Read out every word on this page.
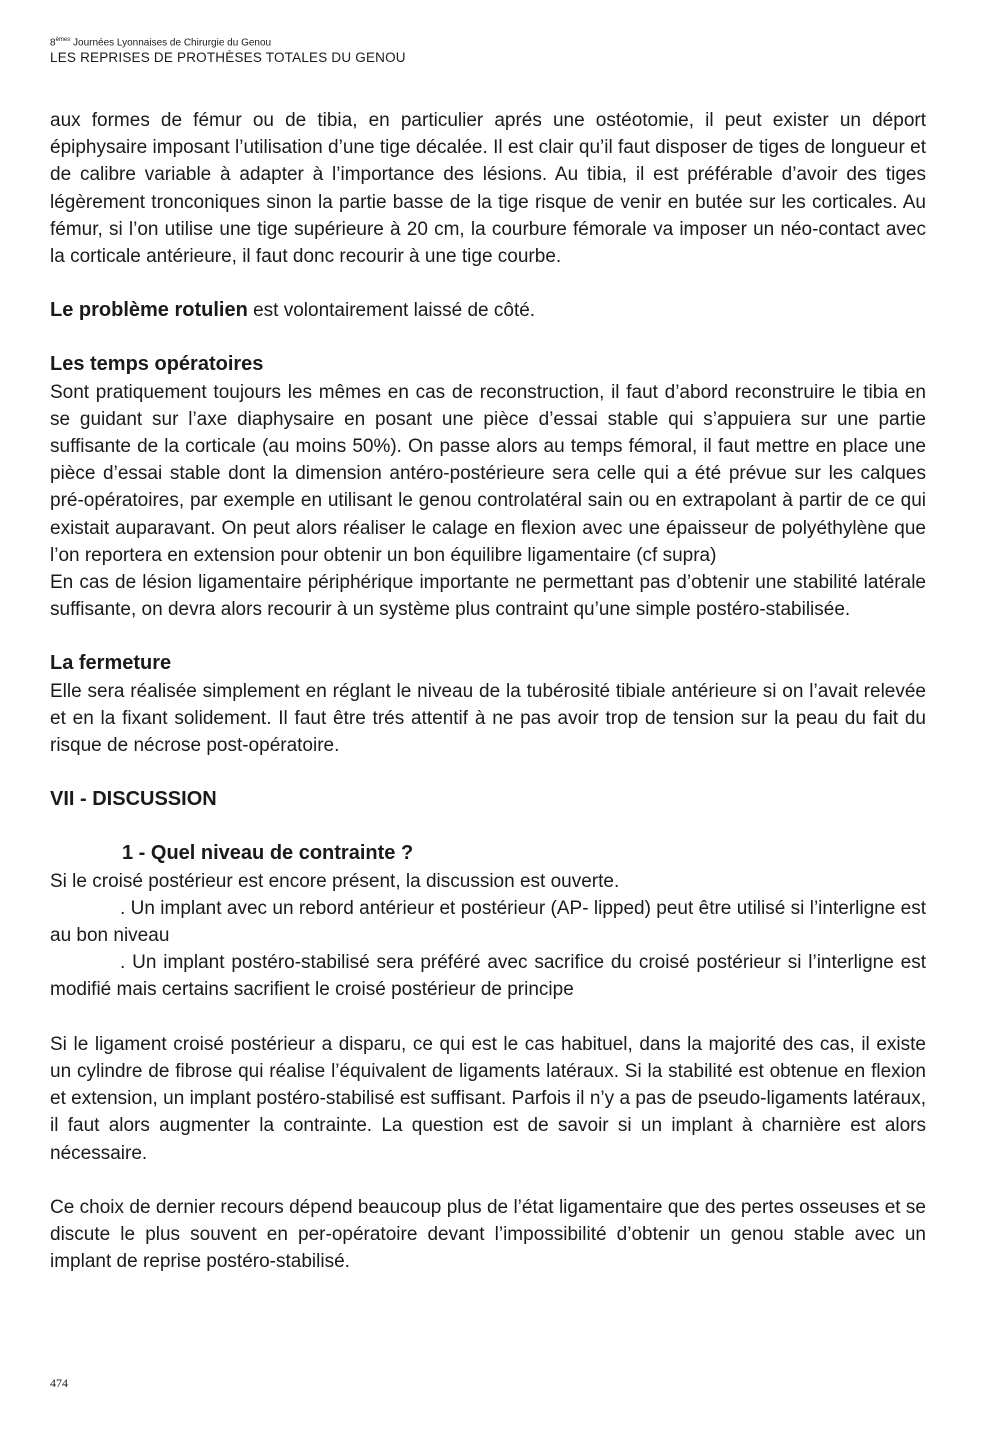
8èmes Journées Lyonnaises de Chirurgie du Genou
LES REPRISES DE PROTHÈSES TOTALES DU GENOU

aux formes de fémur ou de tibia, en particulier aprés une ostéotomie, il peut exister un déport épiphysaire imposant l’utilisation d’une tige décalée. Il est clair qu’il faut disposer de tiges de longueur et de calibre variable à adapter à l’importance des lésions. Au tibia, il est préférable d’avoir des tiges légèrement tronconiques sinon la partie basse de la tige risque de venir en butée sur les corticales. Au fémur, si l’on utilise une tige supérieure à 20 cm, la courbure fémorale va imposer un néo-contact avec la corticale antérieure, il faut donc recourir à une tige courbe.

Le problème rotulien est volontairement laissé de côté.

Les temps opératoires

Sont pratiquement toujours les mêmes en cas de reconstruction, il faut d’abord reconstruire le tibia en se guidant sur l’axe diaphysaire en posant une pièce d’essai stable qui s’appuiera sur une partie suffisante de la corticale (au moins 50%). On passe alors au temps fémoral, il faut mettre en place une pièce d’essai stable dont la dimension antéro-postérieure sera celle qui a été prévue sur les calques pré-opératoires, par exemple en utilisant le genou controlatéral sain ou en extrapolant à partir de ce qui existait auparavant. On peut alors réaliser le calage en flexion avec une épaisseur de polyéthylène que l’on reportera en extension pour obtenir un bon équilibre ligamentaire (cf supra)

En cas de lésion ligamentaire périphérique importante ne permettant pas d’obtenir une stabilité latérale suffisante, on devra alors recourir à un système plus contraint qu’une simple postéro-stabilisée.

La fermeture

Elle sera réalisée simplement en réglant le niveau de la tubérosité tibiale antérieure si on l’avait relevée et en la fixant solidement. Il faut être trés attentif à ne pas avoir trop de tension sur la peau du fait du risque de nécrose post-opératoire.

VII - DISCUSSION

1 - Quel niveau de contrainte ?

Si le croisé postérieur est encore présent, la discussion est ouverte.

. Un implant avec un rebord antérieur et postérieur (AP- lipped) peut être utilisé si l’interligne est au bon niveau

. Un implant postéro-stabilisé sera préféré avec sacrifice du croisé postérieur si l’interligne est modifié mais certains sacrifient le croisé postérieur de principe

Si le ligament croisé postérieur a disparu, ce qui est le cas habituel, dans la majorité des cas, il existe un cylindre de fibrose qui réalise l’équivalent de ligaments latéraux. Si la stabilité est obtenue en flexion et extension, un implant postéro-stabilisé est suffisant. Parfois il n’y a pas de pseudo-ligaments latéraux, il faut alors augmenter la contrainte. La question est de savoir si un implant à charnière est alors nécessaire.

Ce choix de dernier recours dépend beaucoup plus de l’état ligamentaire que des pertes osseuses et se discute le plus souvent en per-opératoire devant l’impossibilité d’obtenir un genou stable avec un implant de reprise postéro-stabilisé.

474
